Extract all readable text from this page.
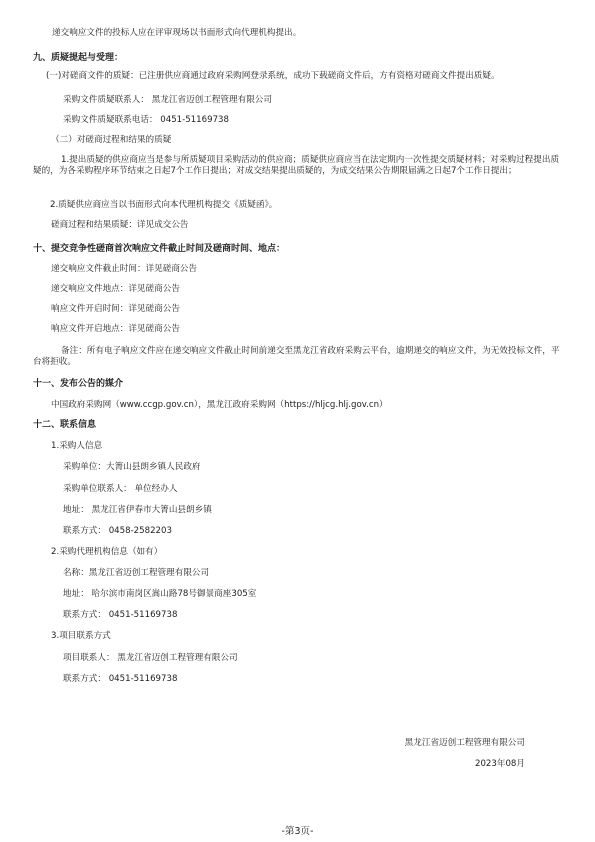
递交响应文件的投标人应在评审现场以书面形式向代理机构提出。
九、质疑提起与受理：
(一)对磋商文件的质疑：已注册供应商通过政府采购网登录系统，成功下载磋商文件后，方有资格对磋商文件提出质疑。
采购文件质疑联系人： 黑龙江省迈创工程管理有限公司
采购文件质疑联系电话： 0451-51169738
（二）对磋商过程和结果的质疑
1.提出质疑的供应商应当是参与所质疑项目采购活动的供应商；质疑供应商应当在法定期内一次性提交质疑材料；对采购过程提出质疑的，为各采购程序环节结束之日起7个工作日提出；对成交结果提出质疑的，为成交结果公告期限届满之日起7个工作日提出；
2.质疑供应商应当以书面形式向本代理机构提交《质疑函》。
磋商过程和结果质疑：详见成交公告
十、提交竞争性磋商首次响应文件截止时间及磋商时间、地点：
递交响应文件截止时间：详见磋商公告
递交响应文件地点：详见磋商公告
响应文件开启时间：详见磋商公告
响应文件开启地点：详见磋商公告
备注：所有电子响应文件应在递交响应文件截止时间前递交至黑龙江省政府采购云平台，逾期递交的响应文件，为无效投标文件，平台将拒收。
十一、发布公告的媒介
中国政府采购网（www.ccgp.gov.cn），黑龙江政府采购网（https://hljcg.hlj.gov.cn）
十二、联系信息
1.采购人信息
采购单位：大箐山县朗乡镇人民政府
采购单位联系人： 单位经办人
地址： 黑龙江省伊春市大箐山县朗乡镇
联系方式： 0458-2582203
2.采购代理机构信息（如有）
名称：黑龙江省迈创工程管理有限公司
地址： 哈尔滨市南岗区嵩山路78号御景商座305室
联系方式： 0451-51169738
3.项目联系方式
项目联系人： 黑龙江省迈创工程管理有限公司
联系方式： 0451-51169738
黑龙江省迈创工程管理有限公司
2023年08月
-第3页-
